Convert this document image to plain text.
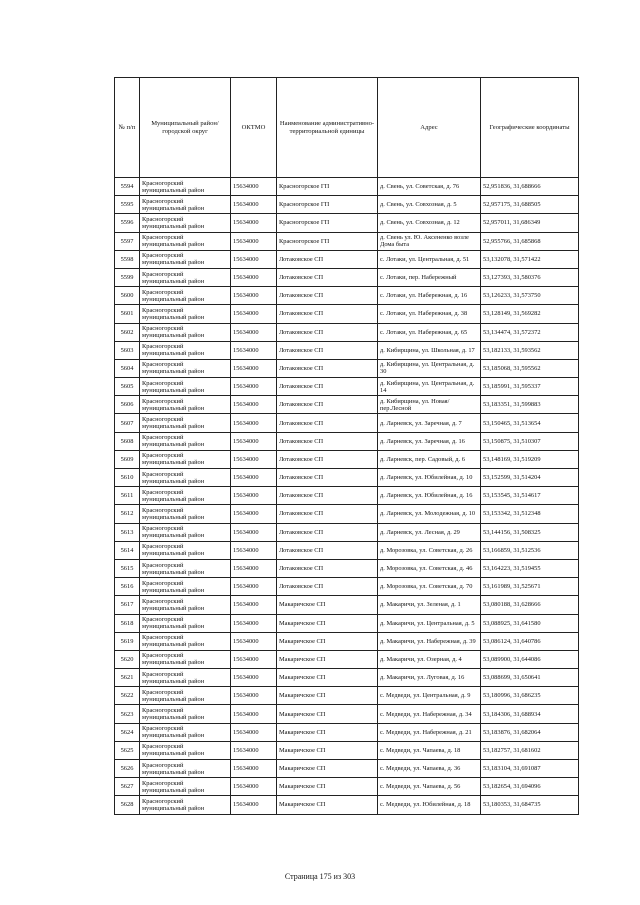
№ п/п	Муниципальный район/городской округ	ОКТМО	Наименование административно-территориальной единицы	Адрес	Географические координаты
5594	Красногорский муниципальный район	15634000	Красногорское ГП	д. Свень, ул. Советская, д. 76	52,951836, 31,688666
5595	Красногорский муниципальный район	15634000	Красногорское ГП	д. Свень, ул. Совхозная, д. 5	52,957175, 31,688505
5596	Красногорский муниципальный район	15634000	Красногорское ГП	д. Свень, ул. Совхозная, д. 12	52,957011, 31,686349
5597	Красногорский муниципальный район	15634000	Красногорское ГП	д. Свень ул. Ю. Аксененко возле Дома быта	52,955766, 31,685868
5598	Красногорский муниципальный район	15634000	Лотаковское СП	с. Лотаки, ул. Центральная, д. 51	53,132078, 31,571422
5599	Красногорский муниципальный район	15634000	Лотаковское СП	с. Лотаки, пер. Набережный	53,127393, 31,580376
5600	Красногорский муниципальный район	15634000	Лотаковское СП	с. Лотаки, ул. Набережная, д. 16	53,126233, 31,573750
5601	Красногорский муниципальный район	15634000	Лотаковское СП	с. Лотаки, ул. Набережная, д. 38	53,128149, 31,569282
5602	Красногорский муниципальный район	15634000	Лотаковское СП	с. Лотаки, ул. Набережная, д. 65	53,134474, 31,572372
5603	Красногорский муниципальный район	15634000	Лотаковское СП	д. Кибирщина, ул. Школьная, д. 17	53,182133, 31,593562
5604	Красногорский муниципальный район	15634000	Лотаковское СП	д. Кибирщина, ул. Центральная, д. 30	53,185068, 31,595562
5605	Красногорский муниципальный район	15634000	Лотаковское СП	д. Кибирщина, ул. Центральная, д. 14	53,185991, 31,595337
5606	Красногорский муниципальный район	15634000	Лотаковское СП	д. Кибирщина, ул. Новая/пер.Лесной	53,183351, 31,599883
5607	Красногорский муниципальный район	15634000	Лотаковское СП	д. Ларневск, ул. Заречная, д. 7	53,150465, 31,513654
5608	Красногорский муниципальный район	15634000	Лотаковское СП	д. Ларневск, ул. Заречная, д. 16	53,150875, 31,510307
5609	Красногорский муниципальный район	15634000	Лотаковское СП	д. Ларневск, пер. Садовый, д. 6	53,148169, 31,519209
5610	Красногорский муниципальный район	15634000	Лотаковское СП	д. Ларневск, ул. Юбилейная, д. 10	53,152599, 31,514204
5611	Красногорский муниципальный район	15634000	Лотаковское СП	д. Ларневск, ул. Юбилейная, д. 16	53,153545, 31,514617
5612	Красногорский муниципальный район	15634000	Лотаковское СП	д. Ларневск, ул. Молодежная, д. 10	53,153342, 31,512348
5613	Красногорский муниципальный район	15634000	Лотаковское СП	д. Ларневск, ул. Лесная, д. 29	53,144156, 31,508325
5614	Красногорский муниципальный район	15634000	Лотаковское СП	д. Морозовка, ул. Советская, д. 26	53,166859, 31,512536
5615	Красногорский муниципальный район	15634000	Лотаковское СП	д. Морозовка, ул. Советская, д. 46	53,164223, 31,519455
5616	Красногорский муниципальный район	15634000	Лотаковское СП	д. Морозовка, ул. Советская, д. 70	53,161989, 31,525671
5617	Красногорский муниципальный район	15634000	Макаричское СП	д. Макаричи, ул. Зеленая, д. 1	53,080188, 31,628666
5618	Красногорский муниципальный район	15634000	Макаричское СП	д. Макаричи, ул. Центральная, д. 5	53,088925, 31,641580
5619	Красногорский муниципальный район	15634000	Макаричское СП	д. Макаричи, ул. Набережная, д. 39	53,086124, 31,640786
5620	Красногорский муниципальный район	15634000	Макаричское СП	д. Макаричи, ул. Озерная, д. 4	53,089900, 31,644086
5621	Красногорский муниципальный район	15634000	Макаричское СП	д. Макаричи, ул. Луговая, д. 16	53,088699, 31,650641
5622	Красногорский муниципальный район	15634000	Макаричское СП	с. Медведи, ул. Центральная, д. 9	53,180996, 31,686235
5623	Красногорский муниципальный район	15634000	Макаричское СП	с. Медведи, ул. Набережная, д. 34	53,184306, 31,688934
5624	Красногорский муниципальный район	15634000	Макаричское СП	с. Медведи, ул. Набережная, д. 21	53,183876, 31,682064
5625	Красногорский муниципальный район	15634000	Макаричское СП	с. Медведи, ул. Чапаева, д. 18	53,182757, 31,681602
5626	Красногорский муниципальный район	15634000	Макаричское СП	с. Медведи, ул. Чапаева, д. 36	53,183104, 31,691087
5627	Красногорский муниципальный район	15634000	Макаричское СП	с. Медведи, ул. Чапаева, д. 56	53,182654, 31,694096
5628	Красногорский муниципальный район	15634000	Макаричское СП	с. Медведи, ул. Юбилейная, д. 18	53,180353, 31,684735
Страница 175 из 303
